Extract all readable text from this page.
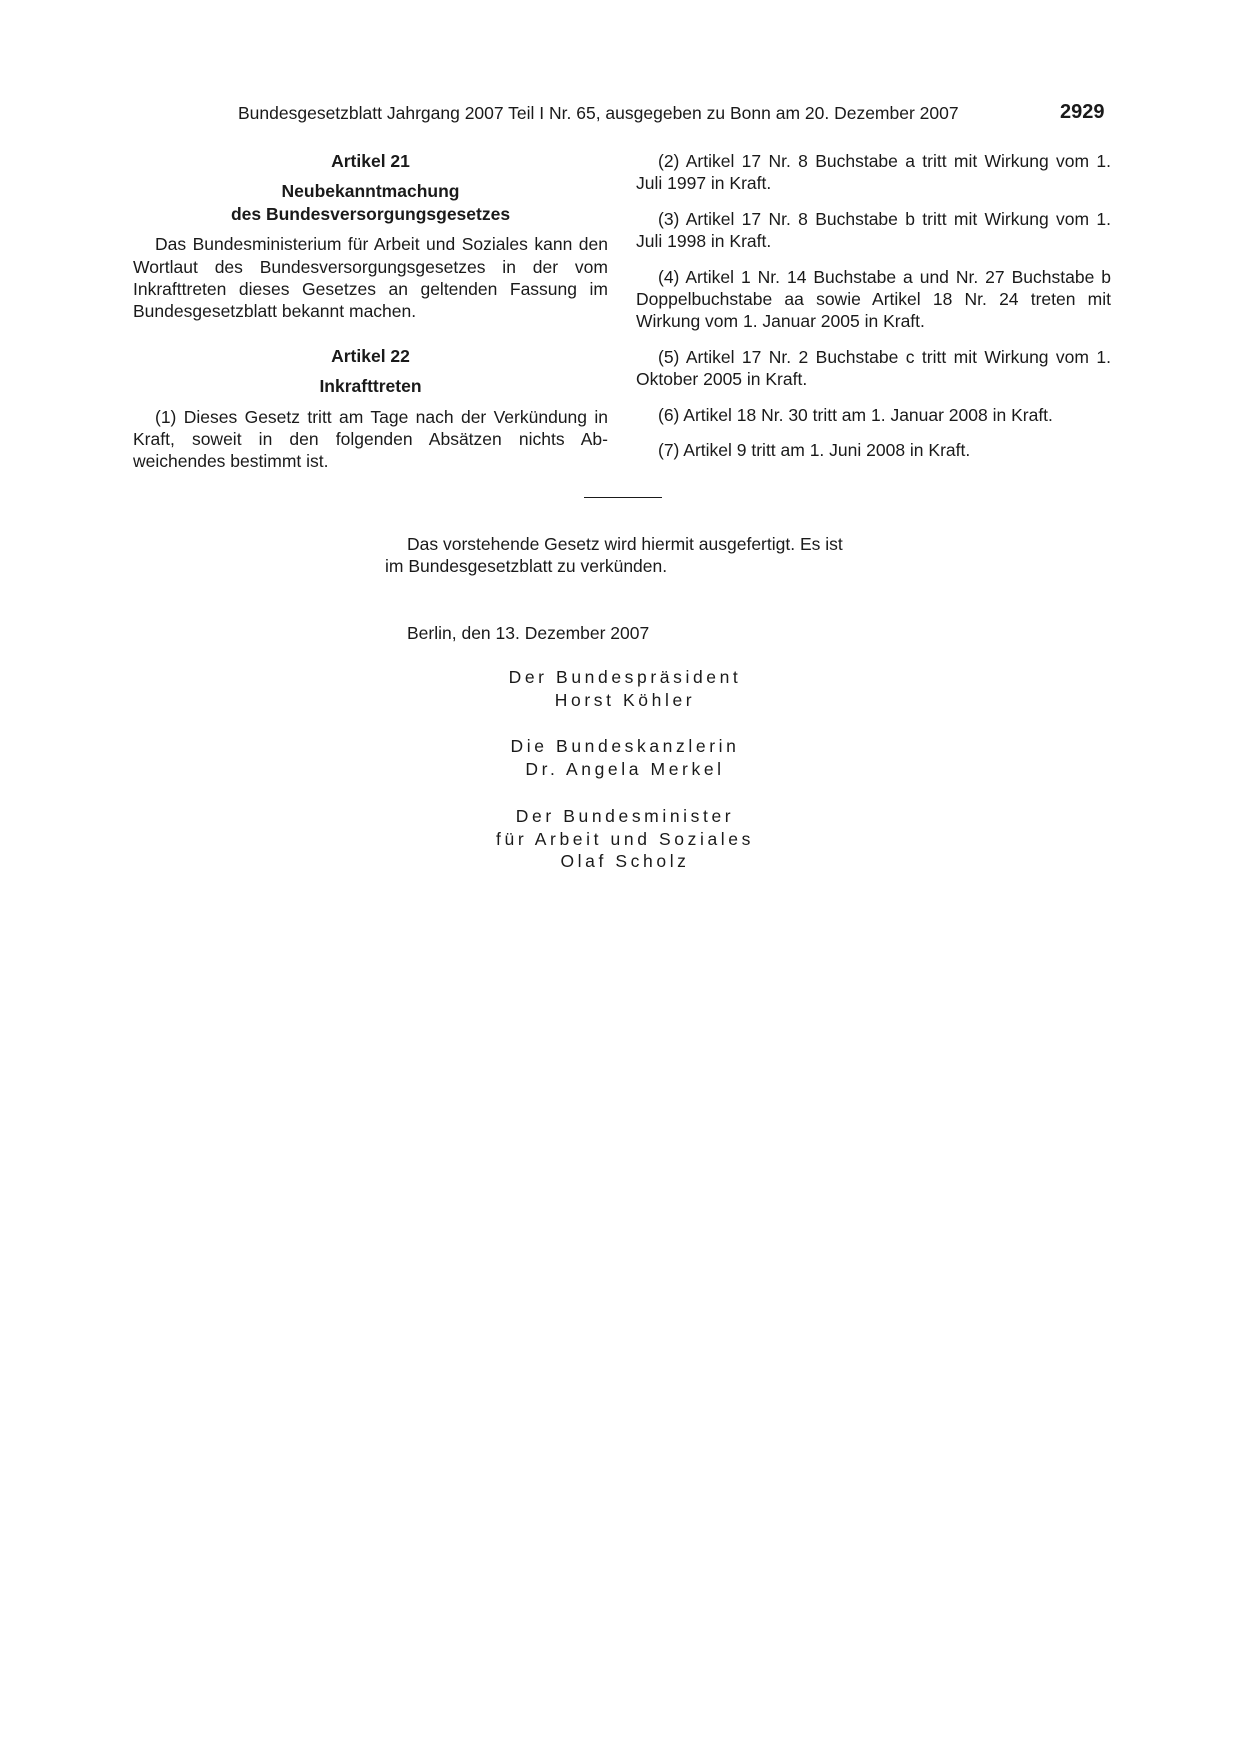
Bundesgesetzblatt Jahrgang 2007 Teil I Nr. 65, ausgegeben zu Bonn am 20. Dezember 2007	2929
Artikel 21
Neubekanntmachung
des Bundesversorgungsgesetzes

Das Bundesministerium für Arbeit und Soziales kann den Wortlaut des Bundesversorgungsgesetzes in der vom Inkrafttreten dieses Gesetzes an geltenden Fassung im Bundesgesetzblatt bekannt machen.

Artikel 22
Inkrafttreten

(1) Dieses Gesetz tritt am Tage nach der Verkündung in Kraft, soweit in den folgenden Absätzen nichts Abweichendes bestimmt ist.

(2) Artikel 17 Nr. 8 Buchstabe a tritt mit Wirkung vom 1. Juli 1997 in Kraft.

(3) Artikel 17 Nr. 8 Buchstabe b tritt mit Wirkung vom 1. Juli 1998 in Kraft.

(4) Artikel 1 Nr. 14 Buchstabe a und Nr. 27 Buchstabe b Doppelbuchstabe aa sowie Artikel 18 Nr. 24 treten mit Wirkung vom 1. Januar 2005 in Kraft.

(5) Artikel 17 Nr. 2 Buchstabe c tritt mit Wirkung vom 1. Oktober 2005 in Kraft.

(6) Artikel 18 Nr. 30 tritt am 1. Januar 2008 in Kraft.

(7) Artikel 9 tritt am 1. Juni 2008 in Kraft.

Das vorstehende Gesetz wird hiermit ausgefertigt. Es ist im Bundesgesetzblatt zu verkünden.

Berlin, den 13. Dezember 2007
Der Bundespräsident
Horst Köhler
Die Bundeskanzlerin
Dr. Angela Merkel
Der Bundesminister
für Arbeit und Soziales
Olaf Scholz
